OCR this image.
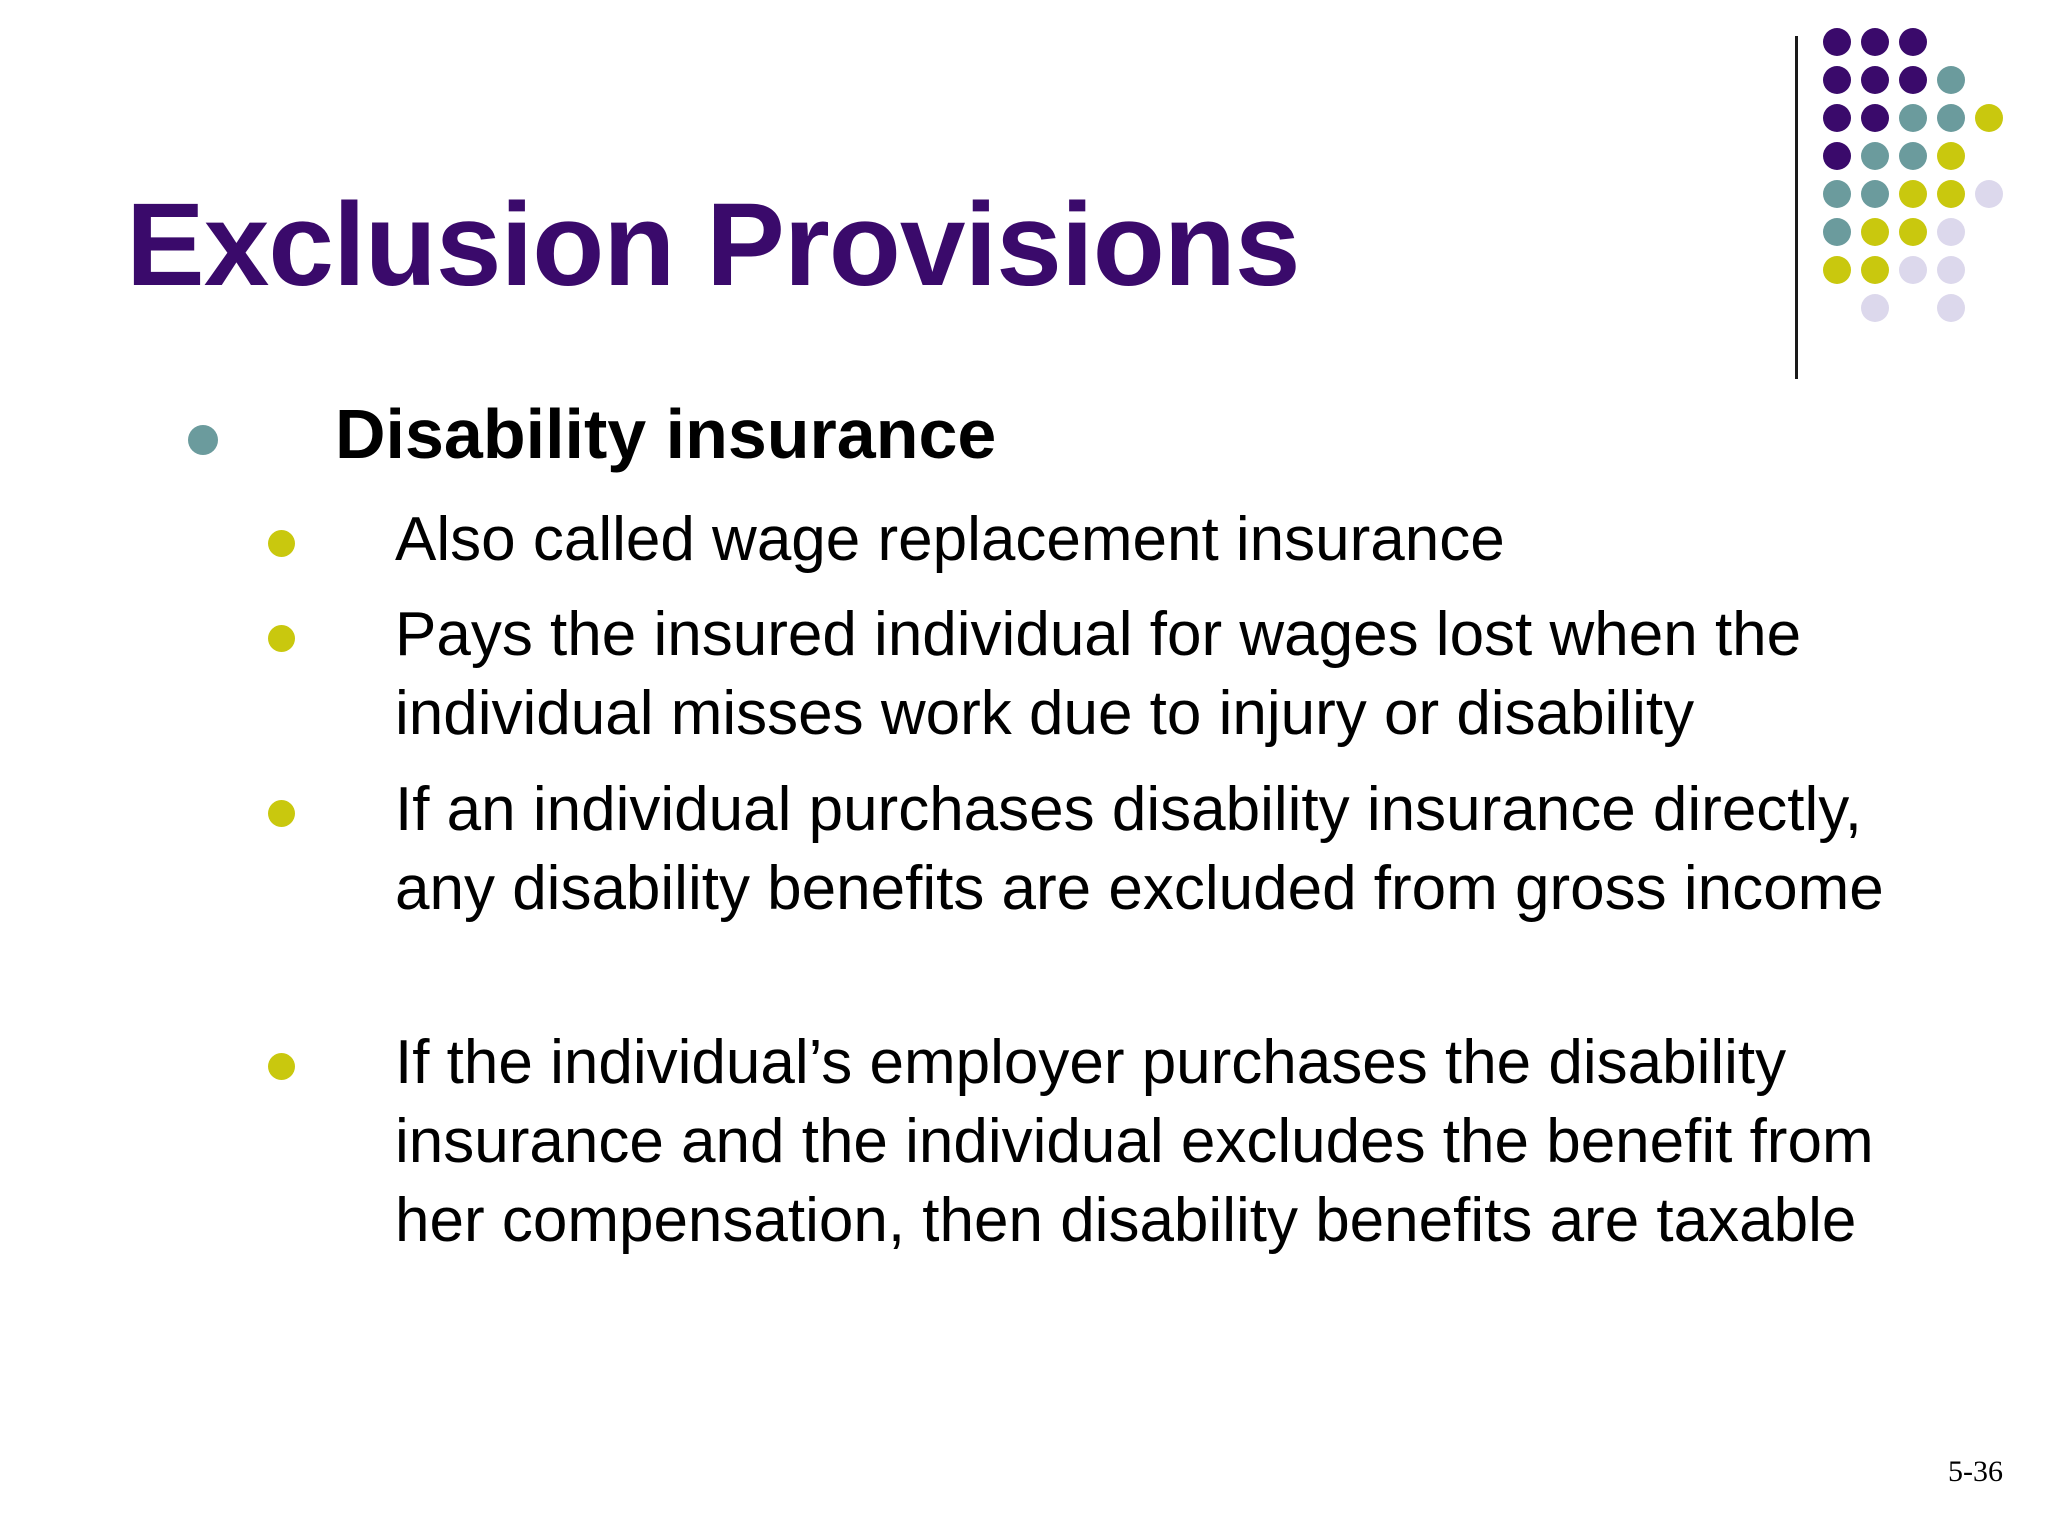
Exclusion Provisions
Disability insurance
Also called wage replacement insurance
Pays the insured individual for wages lost when the individual misses work due to injury or disability
If an individual purchases disability insurance directly, any disability benefits are excluded from gross income
If the individual’s employer purchases the disability insurance and the individual excludes the benefit from her compensation, then disability benefits are taxable
5-36
